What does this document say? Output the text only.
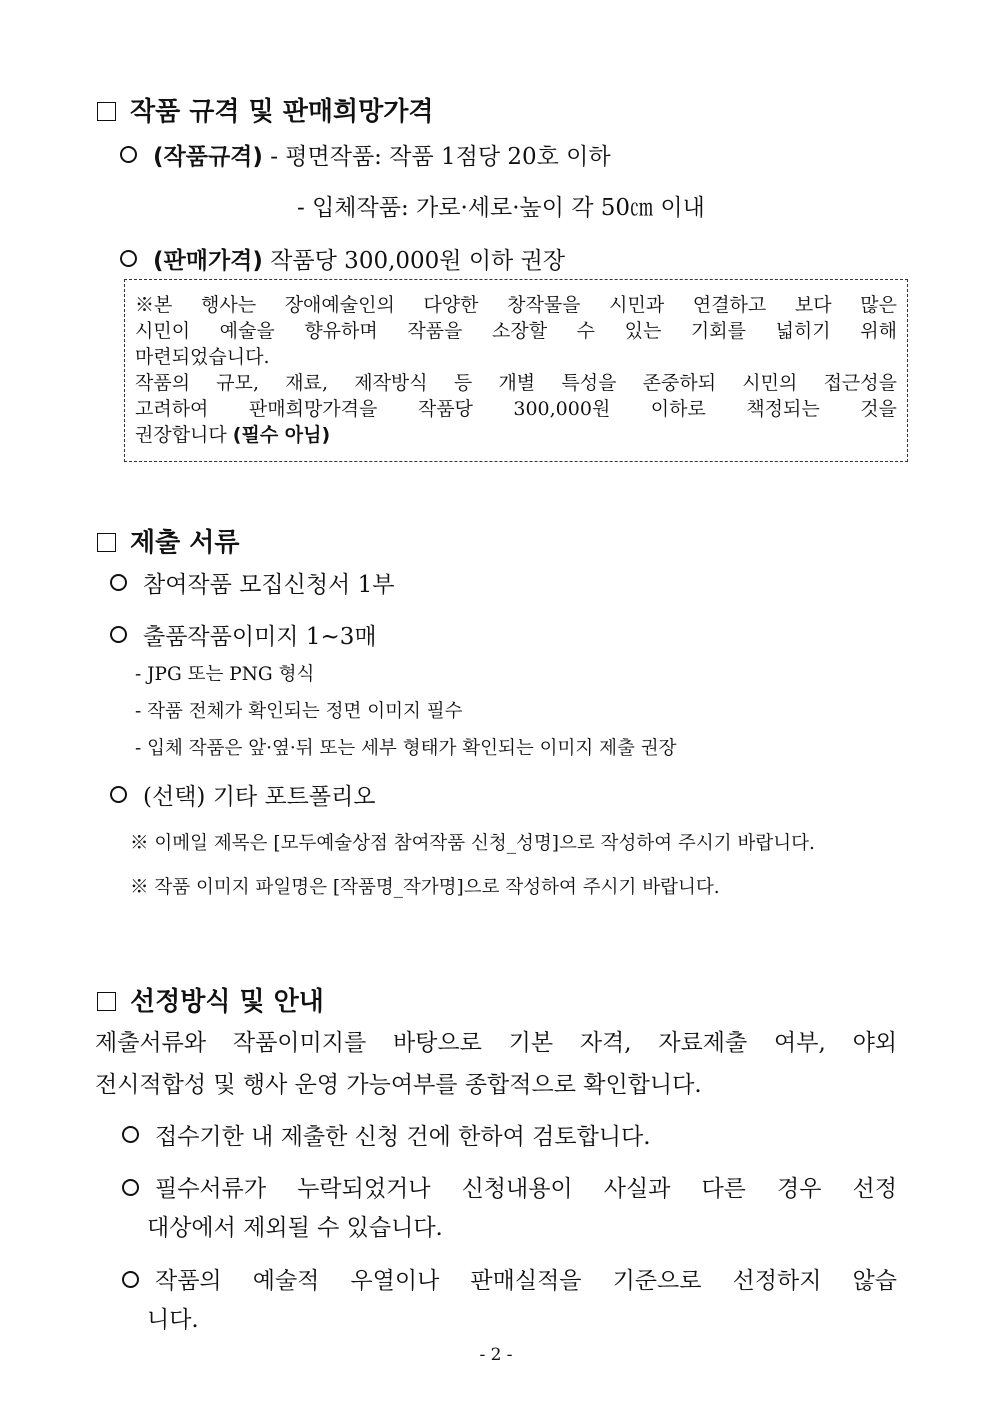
작품 규격 및 판매희망가격
(작품규격) - 평면작품: 작품 1점당 20호 이하
- 입체작품: 가로·세로·높이 각 50㎝ 이내
(판매가격) 작품당 300,000원 이하 권장
※본 행사는 장애예술인의 다양한 창작물을 시민과 연결하고 보다 많은
시민이 예술을 향유하며 작품을 소장할 수 있는 기회를 넓히기 위해
마련되었습니다.
작품의 규모, 재료, 제작방식 등 개별 특성을 존중하되 시민의 접근성을
고려하여 판매희망가격을 작품당 300,000원 이하로 책정되는 것을
권장합니다 (필수 아님)
제출 서류
참여작품 모집신청서 1부
출품작품이미지 1~3매
- JPG 또는 PNG 형식
- 작품 전체가 확인되는 정면 이미지 필수
- 입체 작품은 앞·옆·뒤 또는 세부 형태가 확인되는 이미지 제출 권장
(선택) 기타 포트폴리오
※ 이메일 제목은 [모두예술상점 참여작품 신청_성명]으로 작성하여 주시기 바랍니다.
※ 작품 이미지 파일명은 [작품명_작가명]으로 작성하여 주시기 바랍니다.
선정방식 및 안내
제출서류와 작품이미지를 바탕으로 기본 자격, 자료제출 여부, 야외
전시적합성 및 행사 운영 가능여부를 종합적으로 확인합니다.
접수기한 내 제출한 신청 건에 한하여 검토합니다.
필수서류가 누락되었거나 신청내용이 사실과 다른 경우 선정
대상에서 제외될 수 있습니다.
작품의 예술적 우열이나 판매실적을 기준으로 선정하지 않습
니다.
- 2 -
